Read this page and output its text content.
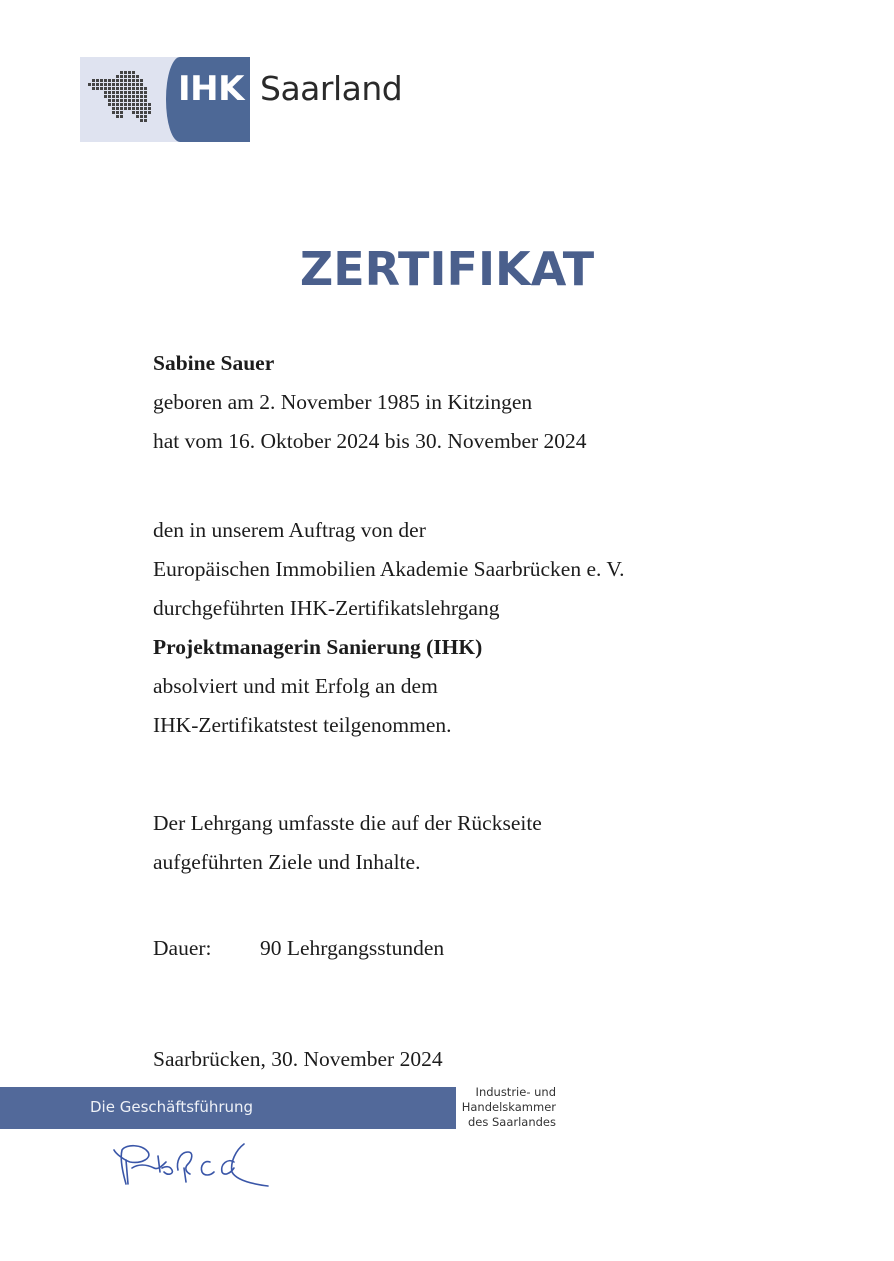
IHK Saarland
ZERTIFIKAT
Sabine Sauer
geboren am 2. November 1985 in Kitzingen
hat vom 16. Oktober 2024 bis 30. November 2024
den in unserem Auftrag von der
Europäischen Immobilien Akademie Saarbrücken e. V.
durchgeführten IHK-Zertifikatslehrgang
Projektmanagerin Sanierung (IHK)
absolviert und mit Erfolg an dem
IHK-Zertifikatstest teilgenommen.
Der Lehrgang umfasste die auf der Rückseite
aufgeführten Ziele und Inhalte.
Dauer: 90 Lehrgangsstunden
Saarbrücken, 30. November 2024
Die Geschäftsführung
Industrie- und
Handelskammer
des Saarlandes
